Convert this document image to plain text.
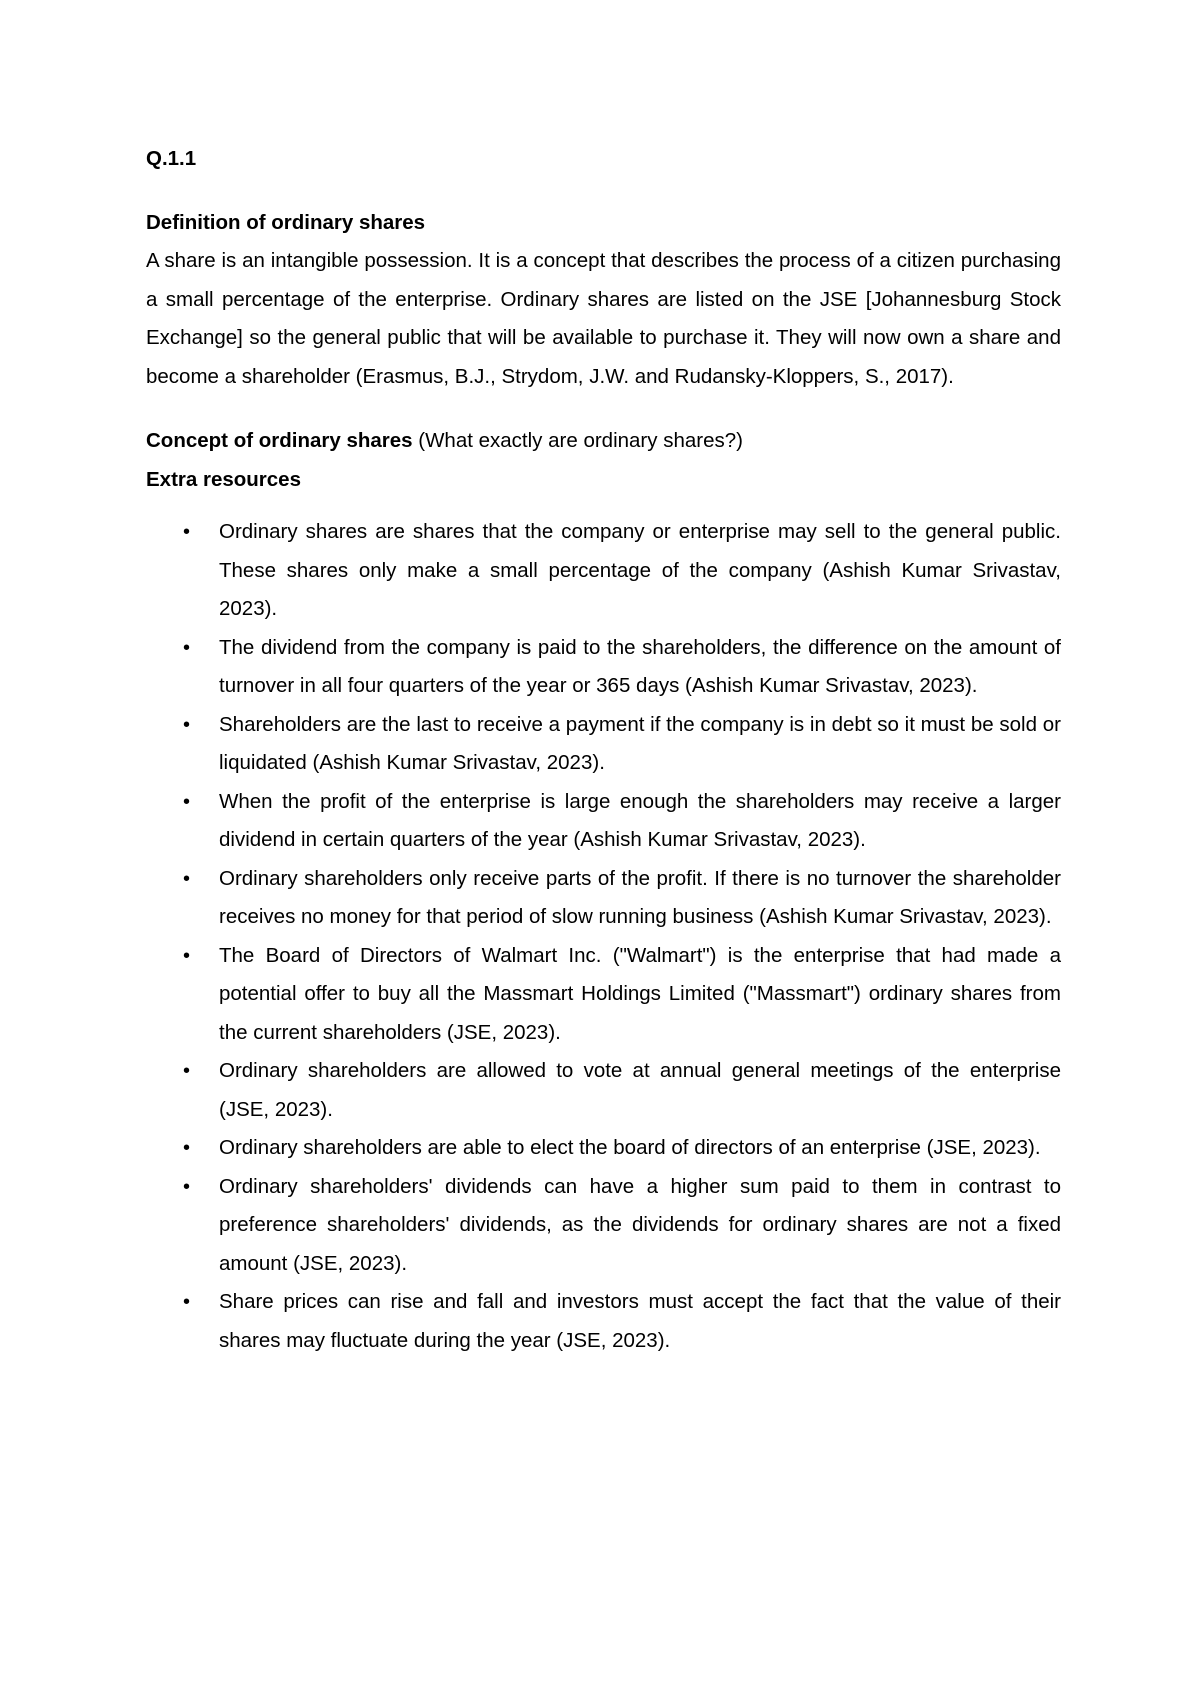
Q.1.1

Definition of ordinary shares

A share is an intangible possession. It is a concept that describes the process of a citizen purchasing a small percentage of the enterprise. Ordinary shares are listed on the JSE [Johannesburg Stock Exchange] so the general public that will be available to purchase it. They will now own a share and become a shareholder (Erasmus, B.J., Strydom, J.W. and Rudansky-Kloppers, S., 2017).

Concept of ordinary shares (What exactly are ordinary shares?)

Extra resources

• Ordinary shares are shares that the company or enterprise may sell to the general public. These shares only make a small percentage of the company (Ashish Kumar Srivastav, 2023).
• The dividend from the company is paid to the shareholders, the difference on the amount of turnover in all four quarters of the year or 365 days (Ashish Kumar Srivastav, 2023).
• Shareholders are the last to receive a payment if the company is in debt so it must be sold or liquidated (Ashish Kumar Srivastav, 2023).
• When the profit of the enterprise is large enough the shareholders may receive a larger dividend in certain quarters of the year (Ashish Kumar Srivastav, 2023).
• Ordinary shareholders only receive parts of the profit. If there is no turnover the shareholder receives no money for that period of slow running business (Ashish Kumar Srivastav, 2023).
• The Board of Directors of Walmart Inc. ("Walmart") is the enterprise that had made a potential offer to buy all the Massmart Holdings Limited ("Massmart") ordinary shares from the current shareholders (JSE, 2023).
• Ordinary shareholders are allowed to vote at annual general meetings of the enterprise (JSE, 2023).
• Ordinary shareholders are able to elect the board of directors of an enterprise (JSE, 2023).
• Ordinary shareholders' dividends can have a higher sum paid to them in contrast to preference shareholders' dividends, as the dividends for ordinary shares are not a fixed amount (JSE, 2023).
• Share prices can rise and fall and investors must accept the fact that the value of their shares may fluctuate during the year (JSE, 2023).
